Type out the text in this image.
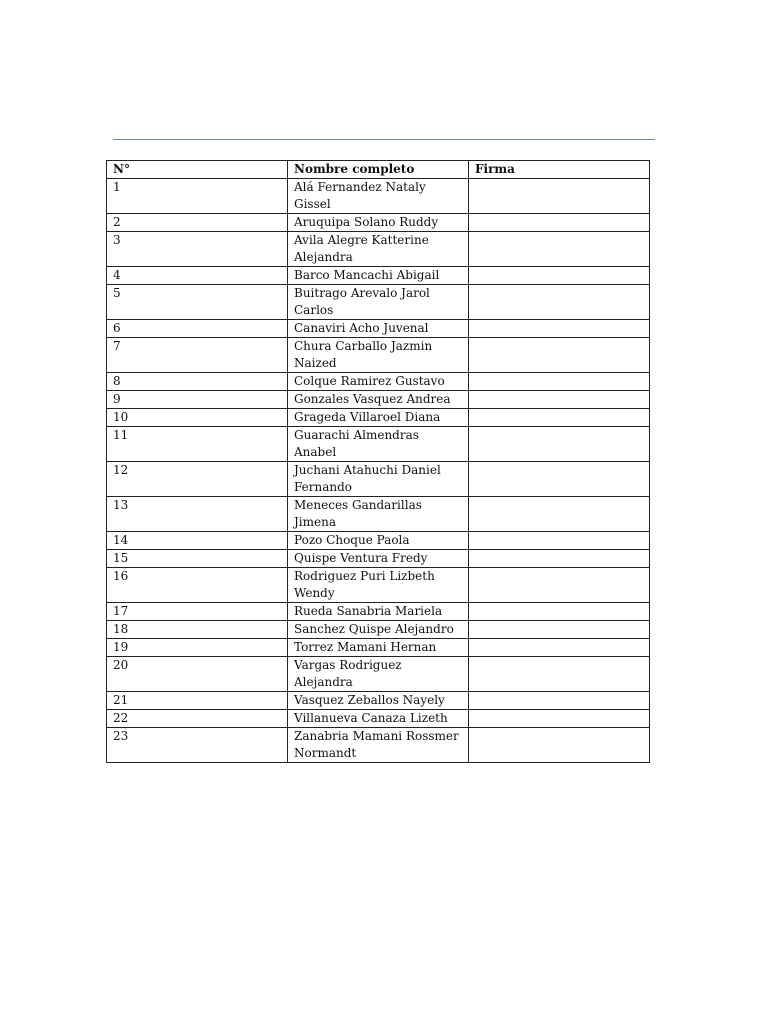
N°	Nombre completo	Firma
1	Alá Fernandez Nataly Gissel	
2	Aruquipa Solano Ruddy	
3	Avila Alegre Katterine Alejandra	
4	Barco Mancachi Abigail	
5	Buitrago Arevalo Jarol Carlos	
6	Canaviri Acho Juvenal	
7	Chura Carballo Jazmin Naized	
8	Colque Ramirez Gustavo	
9	Gonzales Vasquez Andrea	
10	Grageda Villaroel Diana	
11	Guarachi Almendras Anabel	
12	Juchani Atahuchi Daniel Fernando	
13	Meneces Gandarillas Jimena	
14	Pozo Choque Paola	
15	Quispe Ventura Fredy	
16	Rodriguez Puri Lizbeth Wendy	
17	Rueda Sanabria Mariela	
18	Sanchez Quispe Alejandro	
19	Torrez Mamani Hernan	
20	Vargas Rodriguez Alejandra	
21	Vasquez Zeballos Nayely	
22	Villanueva Canaza Lizeth	
23	Zanabria Mamani Rossmer Normandt	
